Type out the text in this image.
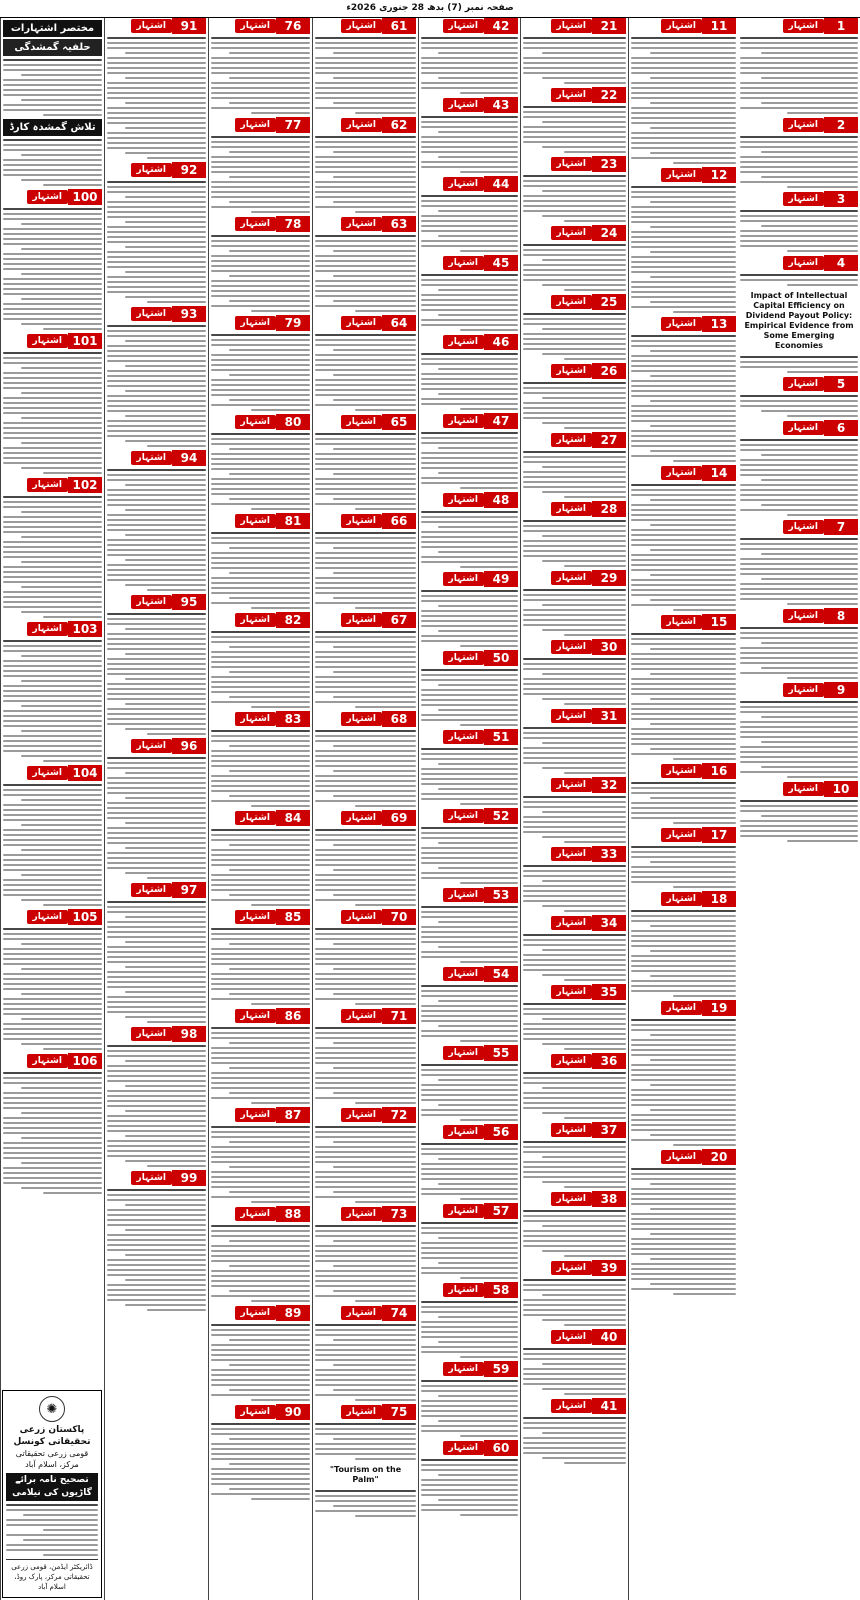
صفحہ نمبر (7) بدھ 28 جنوری 2026ء
اشتہار	1
اشتہار	2
اشتہار	3
اشتہار	4
Impact of Intellectual Capital Efficiency on Dividend Payout Policy: Empirical Evidence from Some Emerging Economies
اشتہار	5
اشتہار	6
اشتہار	7
اشتہار	8
اشتہار	9
اشتہار	10
اشتہار	11
اشتہار	12
اشتہار	13
اشتہار	14
اشتہار	15
اشتہار	16
اشتہار	17
اشتہار	18
اشتہار	19
اشتہار	20
اشتہار	21
اشتہار	22
اشتہار	23
اشتہار	24
اشتہار	25
اشتہار	26
اشتہار	27
اشتہار	28
اشتہار	29
اشتہار	30
اشتہار	31
اشتہار	32
اشتہار	33
اشتہار	34
اشتہار	35
اشتہار	36
اشتہار	37
اشتہار	38
اشتہار	39
اشتہار	40
اشتہار	41
اشتہار	42
اشتہار	43
اشتہار	44
اشتہار	45
اشتہار	46
اشتہار	47
اشتہار	48
اشتہار	49
اشتہار	50
اشتہار	51
اشتہار	52
اشتہار	53
اشتہار	54
اشتہار	55
اشتہار	56
اشتہار	57
اشتہار	58
اشتہار	59
اشتہار	60
اشتہار	61
اشتہار	62
اشتہار	63
اشتہار	64
اشتہار	65
اشتہار	66
اشتہار	67
اشتہار	68
اشتہار	69
اشتہار	70
اشتہار	71
اشتہار	72
اشتہار	73
اشتہار	74
اشتہار	75
"Tourism on the Palm"
اشتہار	76
اشتہار	77
اشتہار	78
اشتہار	79
اشتہار	80
اشتہار	81
اشتہار	82
اشتہار	83
اشتہار	84
اشتہار	85
اشتہار	86
اشتہار	87
اشتہار	88
اشتہار	89
اشتہار	90
اشتہار	91
اشتہار	92
اشتہار	93
اشتہار	94
اشتہار	95
اشتہار	96
اشتہار	97
اشتہار	98
اشتہار	99
مختصر اشتہارات
حلفیہ گمشدگی
تلاش گمشدہ کارڈ
اشتہار 100
اشتہار 101
اشتہار 102
اشتہار 103
اشتہار 104
اشتہار 105
اشتہار 106
✺
پاکستان زرعی تحقیقاتی کونسل
قومی زرعی تحقیقاتی مرکز، اسلام آباد
تصحیح نامہ برائے گاڑیوں کی نیلامی
ڈائریکٹر ایڈمن، قومی زرعی تحقیقاتی مرکز، پارک روڈ، اسلام آباد
